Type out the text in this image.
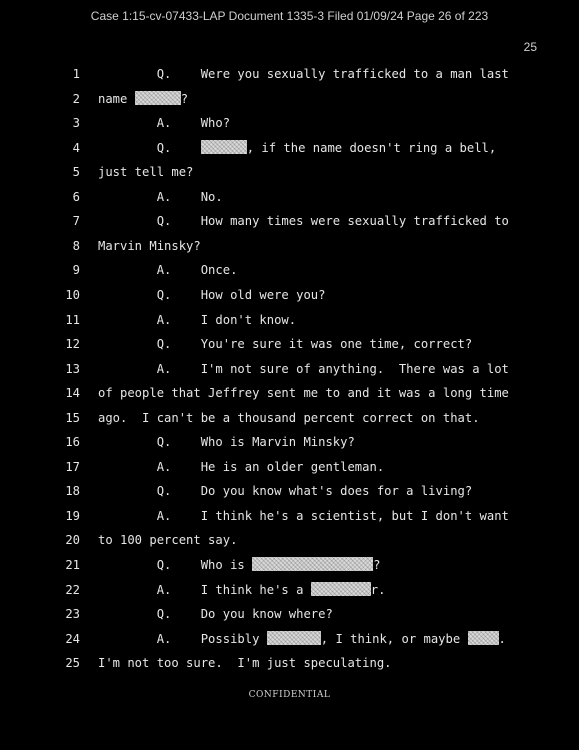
Case 1:15-cv-07433-LAP Document 1335-3 Filed 01/09/24 Page 26 of 223
25
1 Q.    Were you sexually trafficked to a man last
2 name	?
3 A.    Who?
4 Q.	, if the name doesn't ring a bell,
5 just tell me?
6 A.    No.
7 Q.    How many times were sexually trafficked to
8 Marvin Minsky?
9 A.    Once.
10 Q.    How old were you?
11 A.    I don't know.
12 Q.    You're sure it was one time, correct?
13 A.    I'm not sure of anything.  There was a lot
14 of people that Jeffrey sent me to and it was a long time
15 ago.  I can't be a thousand percent correct on that.
16 Q.    Who is Marvin Minsky?
17 A.    He is an older gentleman.
18 Q.    Do you know what's does for a living?
19 A.    I think he's a scientist, but I don't want
20 to 100 percent say.
21 Q.    Who is	?
22 A.    I think he's a	r.
23 Q.    Do you know where?
24 A.    Possibly	, I think, or maybe	.
25 I'm not too sure.  I'm just speculating.
CONFIDENTIAL
